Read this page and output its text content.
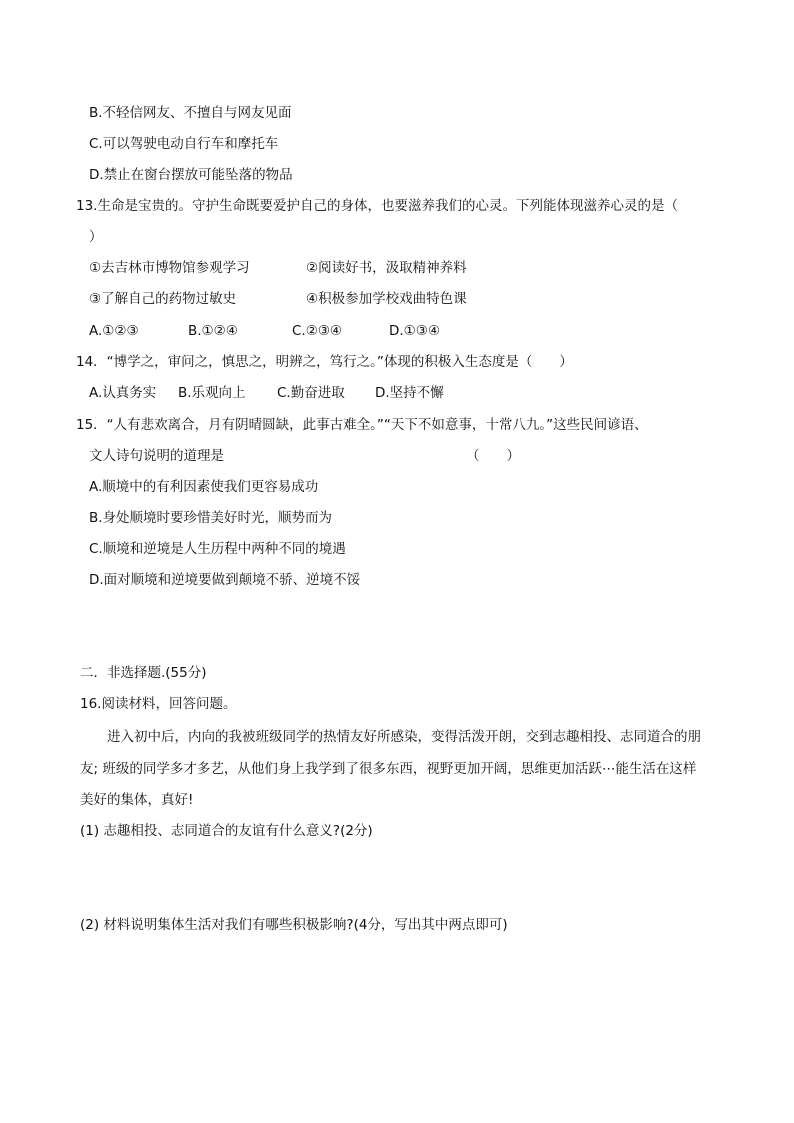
B.不轻信网友、不擅自与网友见面
C.可以驾驶电动自行车和摩托车
D.禁止在窗台摆放可能坠落的物品
13.生命是宝贵的。守护生命既要爱护自己的身体，也要滋养我们的心灵。下列能体现滋养心灵的是（
）
①去吉林市博物馆参观学习	②阅读好书，汲取精神养料
③了解自己的药物过敏史	④积极参加学校戏曲特色课
A.①②③	B.①②④	C.②③④	D.①③④
14．“博学之，审问之，慎思之，明辨之，笃行之。”体现的积极入生态度是（　　）
A.认真务实 B.乐观向上 C.勤奋进取 D.坚持不懈
15．“人有悲欢离合，月有阴晴圆缺，此事古难全。”“天下不如意事，十常八九。”这些民间谚语、
文人诗句说明的道理是	（　　）
A.顺境中的有利因素使我们更容易成功
B.身处顺境时要珍惜美好时光，顺势而为
C.顺境和逆境是人生历程中两种不同的境遇
D.面对顺境和逆境要做到颠境不骄、逆境不馁
二．非选择题.(55分)
16.阅读材料，回答问题。
进入初中后，内向的我被班级同学的热情友好所感染，变得活泼开朗，交到志趣相投、志同道合的朋
友; 班级的同学多才多艺，从他们身上我学到了很多东西，视野更加开阔，思维更加活跃⋯能生活在这样
美好的集体，真好!
(1) 志趣相投、志同道合的友谊有什么意义?(2分)
(2) 材料说明集体生活对我们有哪些积极影响?(4分，写出其中两点即可)
